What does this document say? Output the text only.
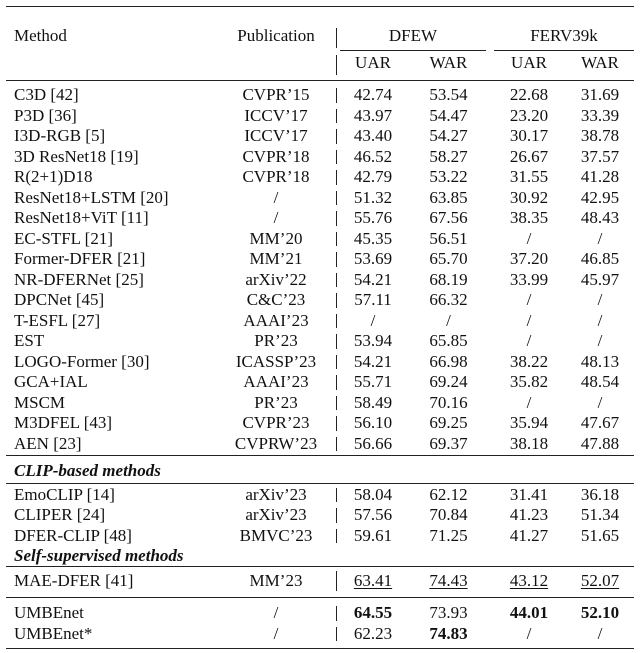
Method	Publication	DFEW	FERV39k
UAR	WAR	UAR	WAR
C3D [42]	CVPR’15	42.74	53.54	22.68	31.69
P3D [36]	ICCV’17	43.97	54.47	23.20	33.39
I3D-RGB [5]	ICCV’17	43.40	54.27	30.17	38.78
3D ResNet18 [19]	CVPR’18	46.52	58.27	26.67	37.57
R(2+1)D18	CVPR’18	42.79	53.22	31.55	41.28
ResNet18+LSTM [20]	/	51.32	63.85	30.92	42.95
ResNet18+ViT [11]	/	55.76	67.56	38.35	48.43
EC-STFL [21]	MM’20	45.35	56.51	/	/
Former-DFER [21]	MM’21	53.69	65.70	37.20	46.85
NR-DFERNet [25]	arXiv’22	54.21	68.19	33.99	45.97
DPCNet [45]	C&C’23	57.11	66.32	/	/
T-ESFL [27]	AAAI’23	/	/	/	/
EST	PR’23	53.94	65.85	/	/
LOGO-Former [30]	ICASSP’23	54.21	66.98	38.22	48.13
GCA+IAL	AAAI’23	55.71	69.24	35.82	48.54
MSCM	PR’23	58.49	70.16	/	/
M3DFEL [43]	CVPR’23	56.10	69.25	35.94	47.67
AEN [23]	CVPRW’23	56.66	69.37	38.18	47.88
CLIP-based methods
EmoCLIP [14]	arXiv’23	58.04	62.12	31.41	36.18
CLIPER [24]	arXiv’23	57.56	70.84	41.23	51.34
DFER-CLIP [48]	BMVC’23	59.61	71.25	41.27	51.65
Self-supervised methods
MAE-DFER [41]	MM’23	63.41	74.43	43.12	52.07
UMBEnet	/	64.55	73.93	44.01	52.10
UMBEnet*	/	62.23	74.83	/	/
